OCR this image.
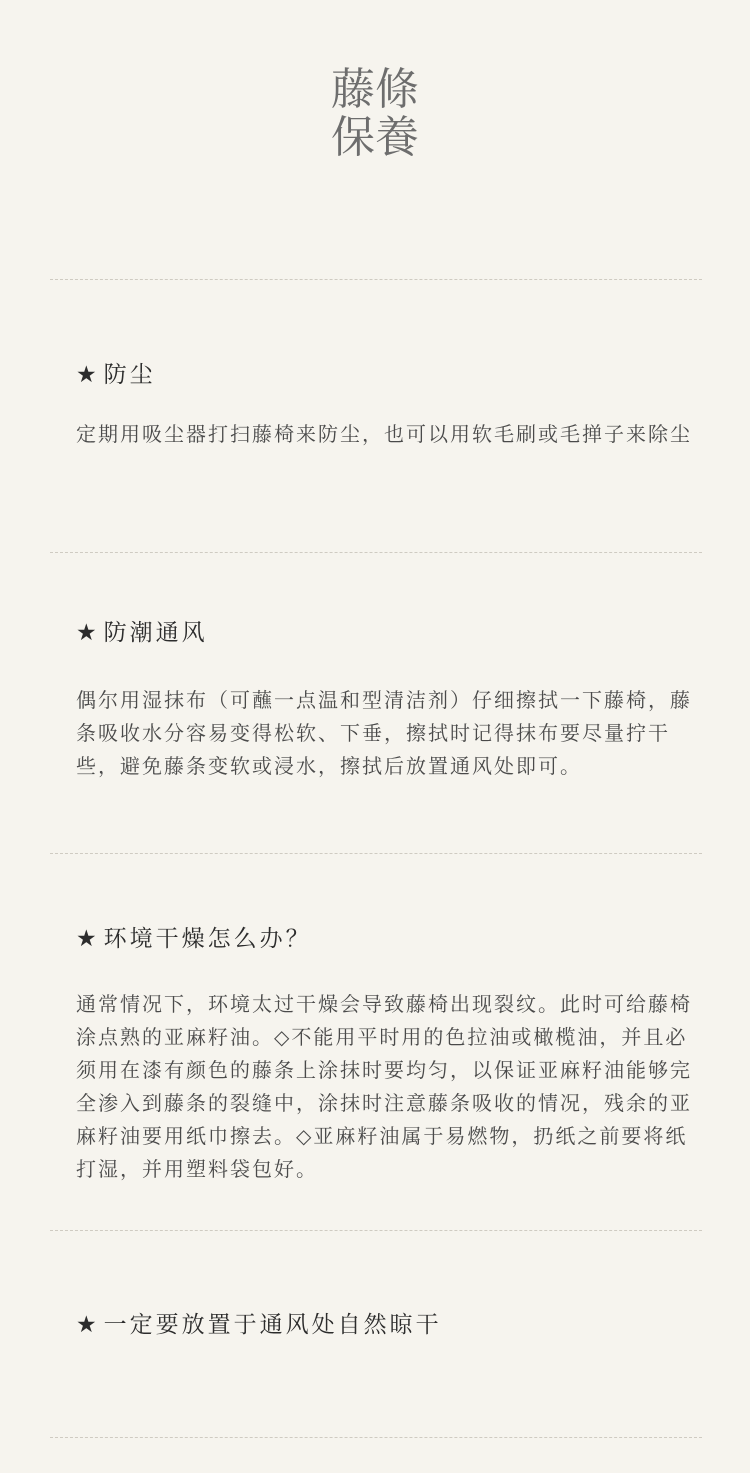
藤條
保養
★ 防尘
定期用吸尘器打扫藤椅来防尘，也可以用软毛刷或毛掸子来除尘
★ 防潮通风
偶尔用湿抹布（可蘸一点温和型清洁剂）仔细擦拭一下藤椅，藤条吸收水分容易变得松软、下垂，擦拭时记得抹布要尽量拧干些，避免藤条变软或浸水，擦拭后放置通风处即可。
★ 环境干燥怎么办？
通常情况下，环境太过干燥会导致藤椅出现裂纹。此时可给藤椅涂点熟的亚麻籽油。◇不能用平时用的色拉油或橄榄油，并且必须用在漆有颜色的藤条上涂抹时要均匀，以保证亚麻籽油能够完全渗入到藤条的裂缝中，涂抹时注意藤条吸收的情况，残余的亚麻籽油要用纸巾擦去。◇亚麻籽油属于易燃物，扔纸之前要将纸打湿，并用塑料袋包好。
★ 一定要放置于通风处自然晾干
